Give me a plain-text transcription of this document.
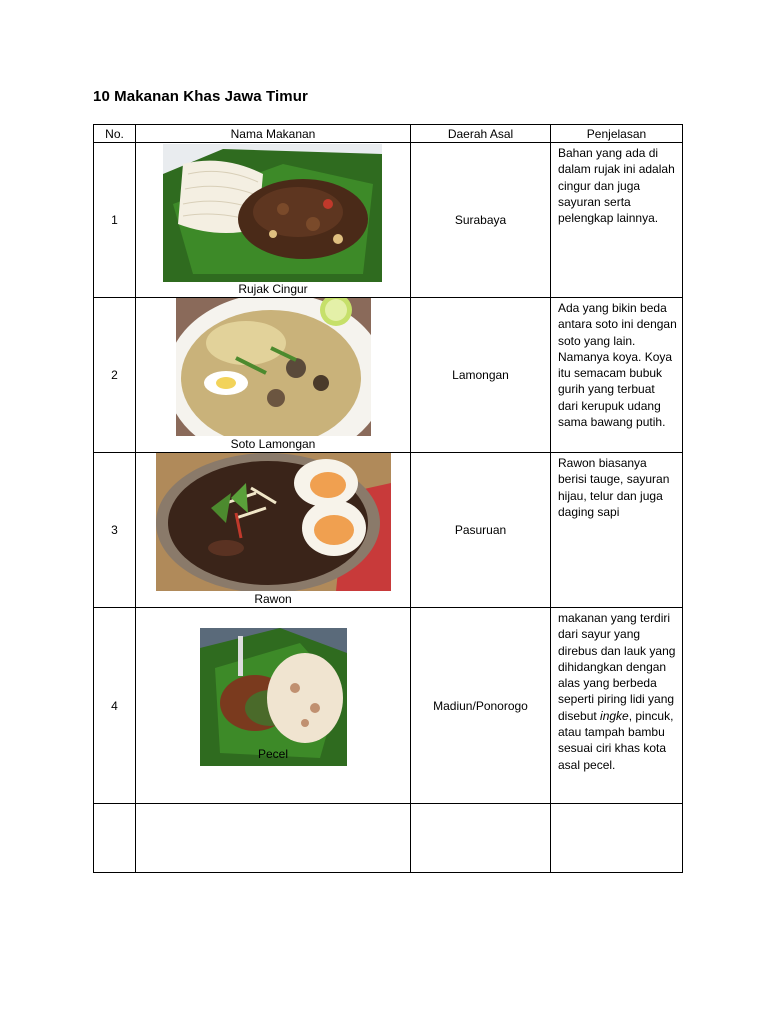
10 Makanan Khas Jawa Timur
No.	Nama Makanan	Daerah Asal	Penjelasan
1	Rujak Cingur	Surabaya	Bahan yang ada di dalam rujak ini adalah cingur dan juga sayuran serta pelengkap lainnya.
2	Soto Lamongan	Lamongan	Ada yang bikin beda antara soto ini dengan soto yang lain. Namanya koya. Koya itu semacam bubuk gurih yang terbuat dari kerupuk udang sama bawang putih.
3	Rawon	Pasuruan	Rawon biasanya berisi tauge, sayuran hijau, telur dan juga daging sapi
4	Pecel	Madiun/Ponorogo	makanan yang terdiri dari sayur yang direbus dan lauk yang dihidangkan dengan alas yang berbeda seperti piring lidi yang disebut ingke, pincuk, atau tampah bambu sesuai ciri khas kota asal pecel.
